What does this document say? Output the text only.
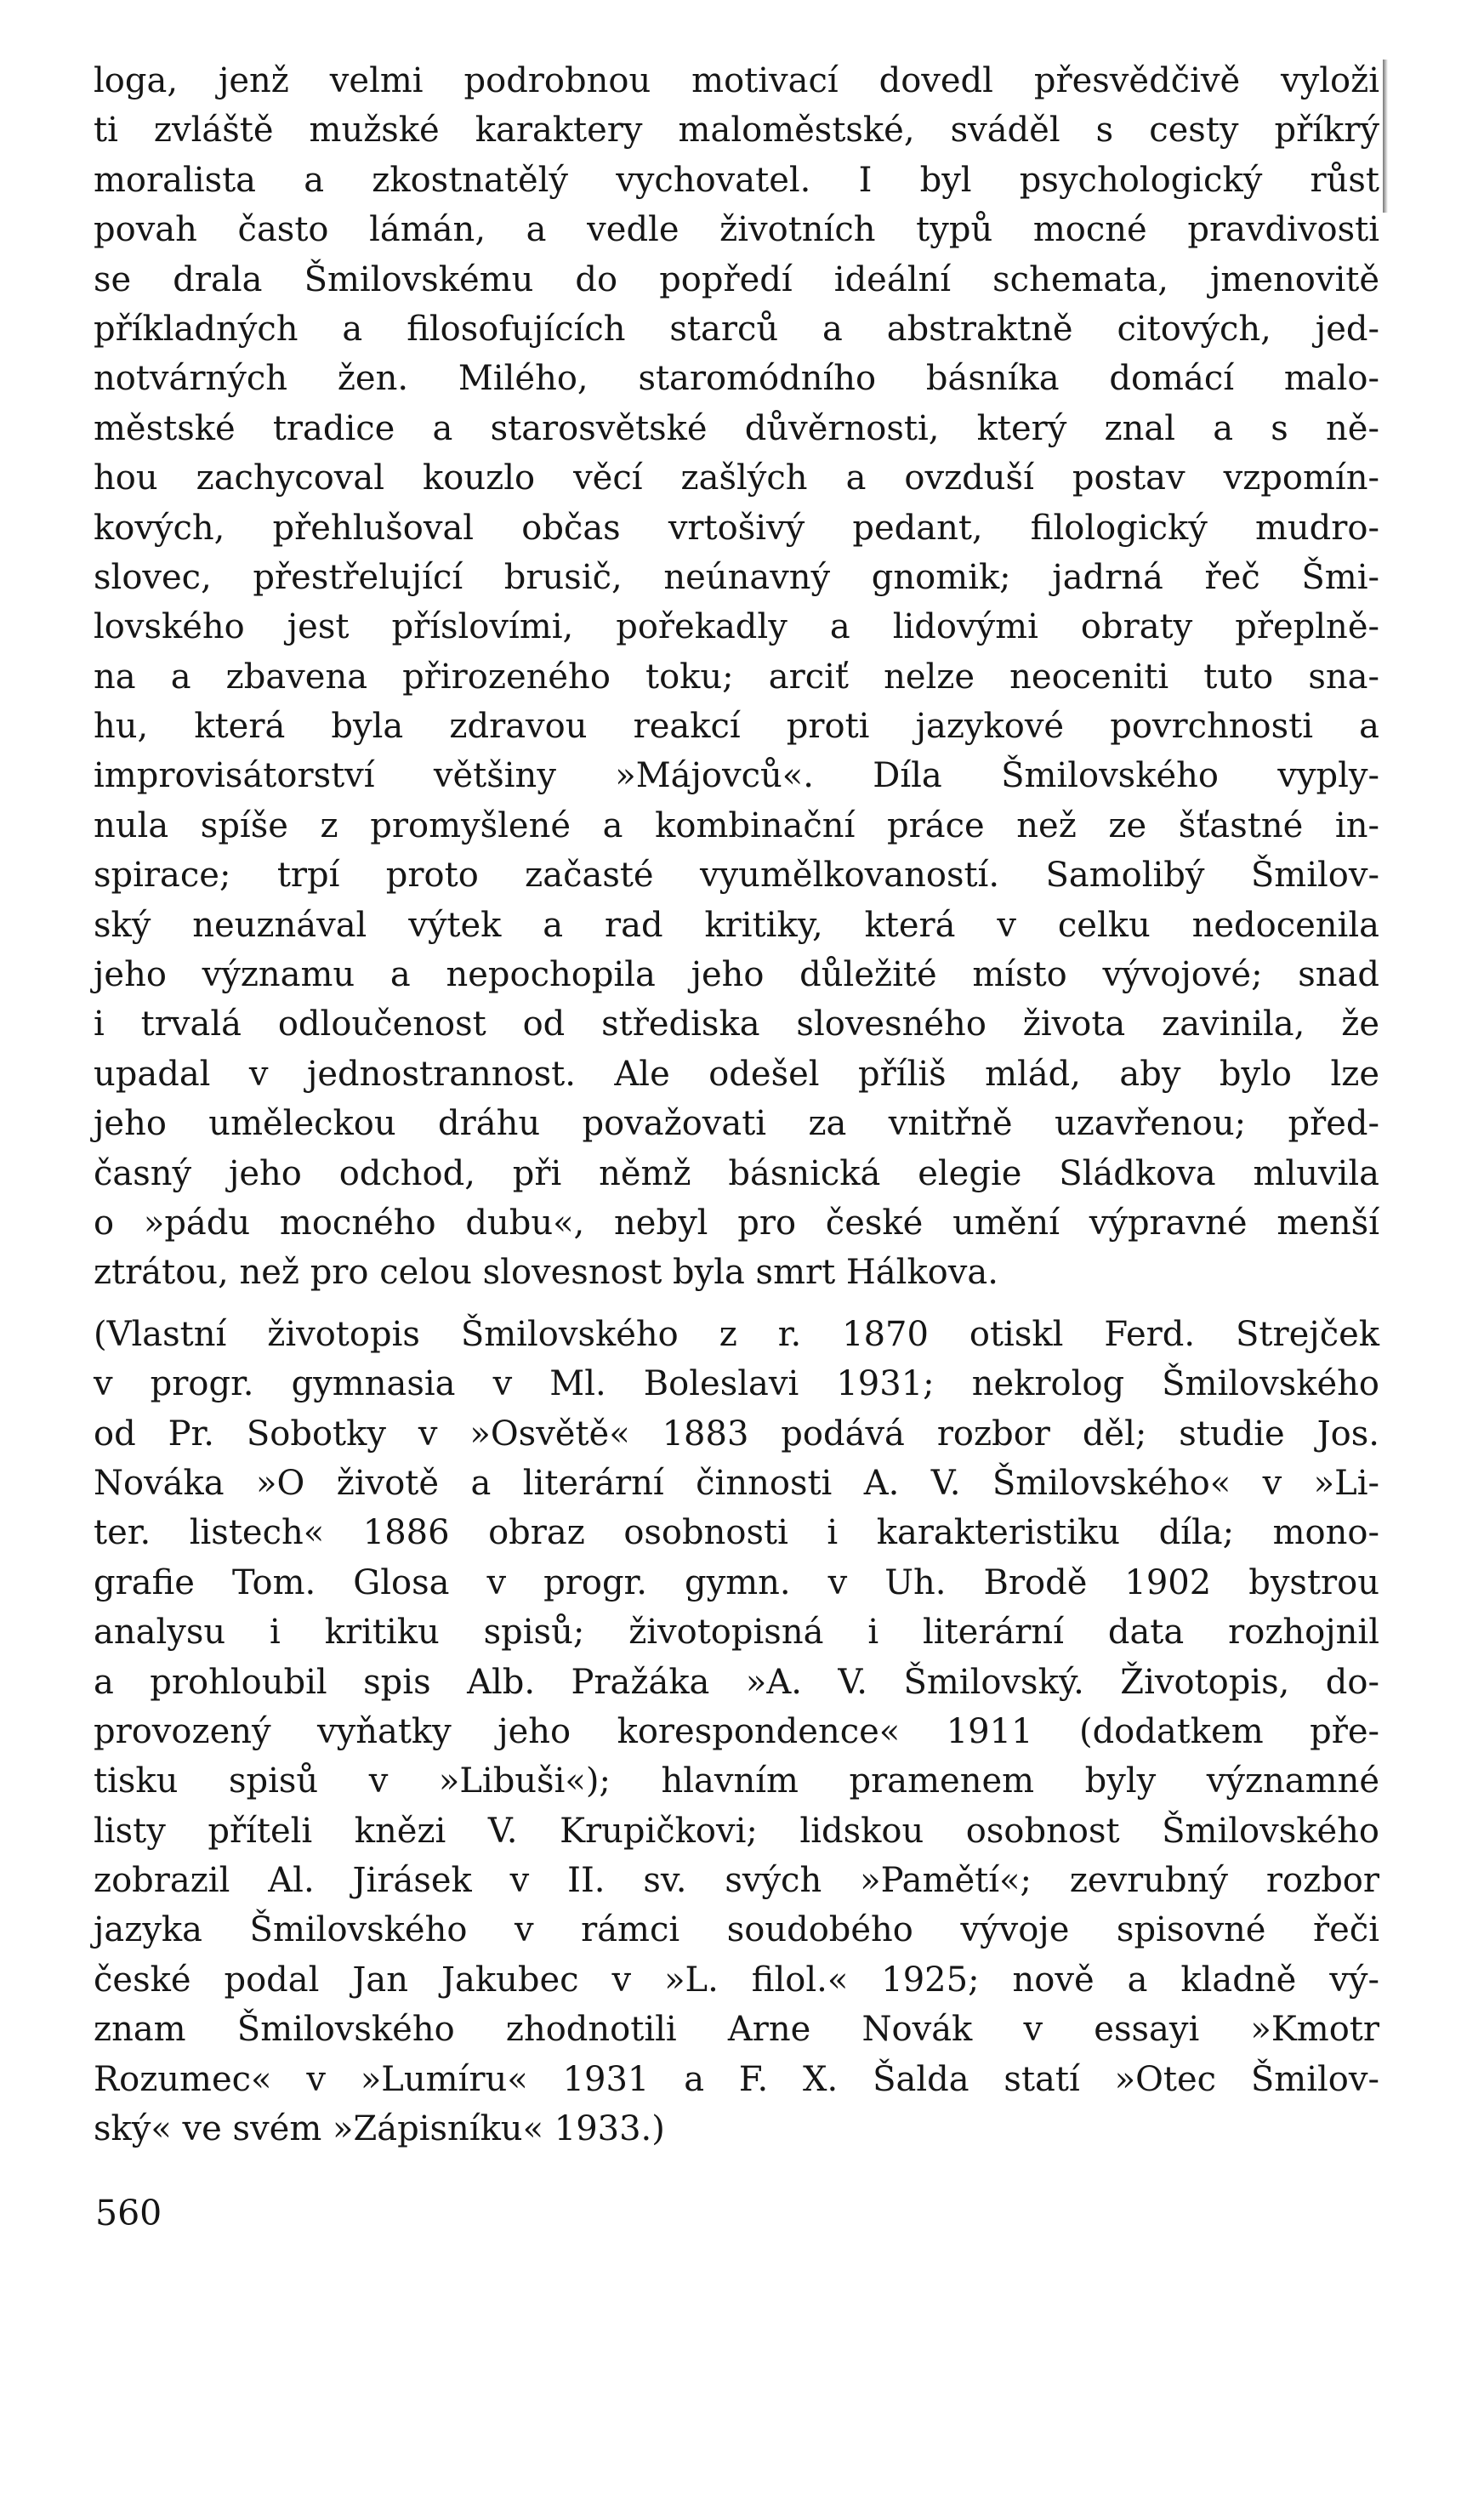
loga, jenž velmi podrobnou motivací dovedl přesvědčivě vyloži
ti zvláště mužské karaktery maloměstské, sváděl s cesty příkrý
moralista a zkostnatělý vychovatel. I byl psychologický růst
povah často lámán, a vedle životních typů mocné pravdivosti
se drala Šmilovskému do popředí ideální schemata, jmenovitě
příkladných a filosofujících starců a abstraktně citových, jed-
notvárných žen. Milého, staromódního básníka domácí malo-
městské tradice a starosvětské důvěrnosti, který znal a s ně-
hou zachycoval kouzlo věcí zašlých a ovzduší postav vzpomín-
kových, přehlušoval občas vrtošivý pedant, filologický mudro-
slovec, přestřelující brusič, neúnavný gnomik; jadrná řeč Šmi-
lovského jest příslovími, pořekadly a lidovými obraty přeplně-
na a zbavena přirozeného toku; arciť nelze neoceniti tuto sna-
hu, která byla zdravou reakcí proti jazykové povrchnosti a
improvisátorství většiny »Májovců«. Díla Šmilovského vyply-
nula spíše z promyšlené a kombinační práce než ze šťastné in-
spirace; trpí proto začasté vyumělkovaností. Samolibý Šmilov-
ský neuznával výtek a rad kritiky, která v celku nedocenila
jeho významu a nepochopila jeho důležité místo vývojové; snad
i trvalá odloučenost od střediska slovesného života zavinila, že
upadal v jednostrannost. Ale odešel příliš mlád, aby bylo lze
jeho uměleckou dráhu považovati za vnitřně uzavřenou; před-
časný jeho odchod, při němž básnická elegie Sládkova mluvila
o »pádu mocného dubu«, nebyl pro české umění výpravné menší
ztrátou, než pro celou slovesnost byla smrt Hálkova.
(Vlastní životopis Šmilovského z r. 1870 otiskl Ferd. Strejček
v progr. gymnasia v Ml. Boleslavi 1931; nekrolog Šmilovského
od Pr. Sobotky v »Osvětě« 1883 podává rozbor děl; studie Jos.
Nováka »O životě a literární činnosti A. V. Šmilovského« v »Li-
ter. listech« 1886 obraz osobnosti i karakteristiku díla; mono-
grafie Tom. Glosa v progr. gymn. v Uh. Brodě 1902 bystrou
analysu i kritiku spisů; životopisná i literární data rozhojnil
a prohloubil spis Alb. Pražáka »A. V. Šmilovský. Životopis, do-
provozený vyňatky jeho korespondence« 1911 (dodatkem pře-
tisku spisů v »Libuši«); hlavním pramenem byly významné
listy příteli knězi V. Krupičkovi; lidskou osobnost Šmilovského
zobrazil Al. Jirásek v II. sv. svých »Pamětí«; zevrubný rozbor
jazyka Šmilovského v rámci soudobého vývoje spisovné řeči
české podal Jan Jakubec v »L. filol.« 1925; nově a kladně vý-
znam Šmilovského zhodnotili Arne Novák v essayi »Kmotr
Rozumec« v »Lumíru« 1931 a F. X. Šalda statí »Otec Šmilov-
ský« ve svém »Zápisníku« 1933.)
560
